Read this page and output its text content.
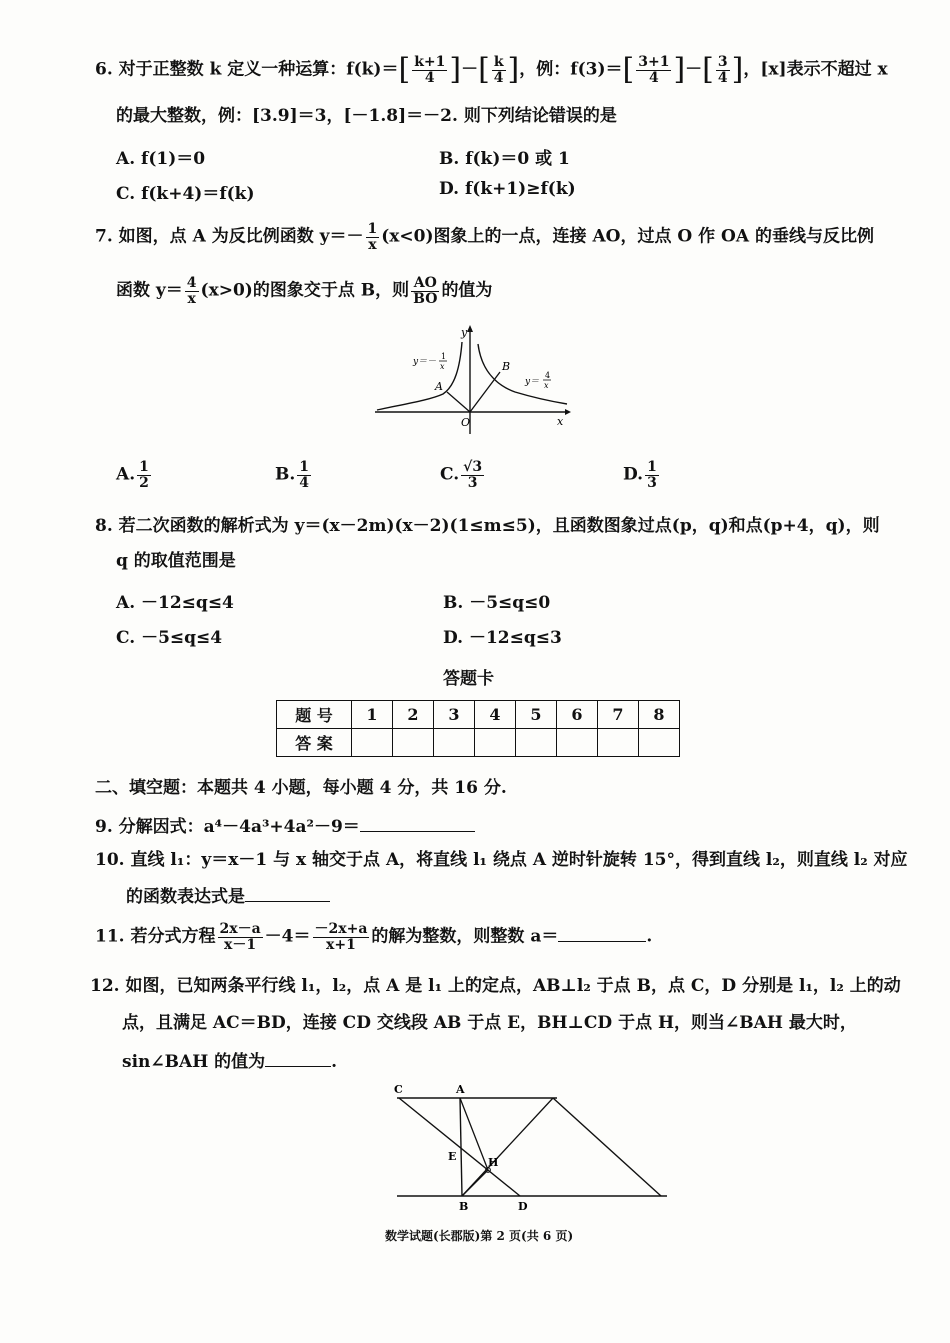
6. 对于正整数 k 定义一种运算：$f(k)=[ \frac{k+1}{4}$ ]－[ $\frac{k}{4}$ ]，例：$f(3)=[ \frac{3+1}{4}$ ]－[ $\frac{3}{4}$ ]，[x]表示不超过 x
的最大整数，例：[3.9]＝3，[－1.8]＝－2. 则下列结论错误的是
A. f(1)＝0	B. f(k)＝0 或 1
C. f(k+4)＝f(k)	D. f(k+1)≥f(k)
7. 如图，点 A 为反比例函数 $y=- \frac{1}{x} (x<0)$图象上的一点，连接 AO，过点 O 作 OA 的垂线与反比例
函数 $y= \frac{4}{x} (x>0)$的图象交于点 B，则 $\frac{AO}{BO}$ 的值为
y
x
O
A
B
y＝－
1
x
y＝
4
x
A. $\frac{1}{2}$	B. $\frac{1}{4}$	C. $\frac{√3}{3}$	D. $\frac{1}{3}$
8. 若二次函数的解析式为 y＝(x－2m)(x－2)(1≤m≤5)，且函数图象过点(p，q)和点(p+4，q)，则
q 的取值范围是
A. －12≤q≤4	B. －5≤q≤0
C. －5≤q≤4	D. －12≤q≤3
答题卡
题 号	1	2	3	4	5	6	7	8
答 案								
二、填空题：本题共 4 小题，每小题 4 分，共 16 分.
9. 分解因式：a⁴－4a³+4a²－9＝
10. 直线 l₁：y＝x－1 与 x 轴交于点 A，将直线 l₁ 绕点 A 逆时针旋转 15°，得到直线 l₂，则直线 l₂ 对应
的函数表达式是
11. 若分式方程 $\frac{2x-a}{x-1} -4= \frac{-2x+a}{x+1}$ 的解为整数，则整数 a＝	.
12. 如图，已知两条平行线 l₁，l₂，点 A 是 l₁ 上的定点，AB⊥l₂ 于点 B，点 C，D 分别是 l₁，l₂ 上的动
点，且满足 AC＝BD，连接 CD 交线段 AB 于点 E，BH⊥CD 于点 H，则当∠BAH 最大时，
sin∠BAH 的值为	.
C	A
E	H
B	D
数学试题(长郡版)第 2 页(共 6 页)
